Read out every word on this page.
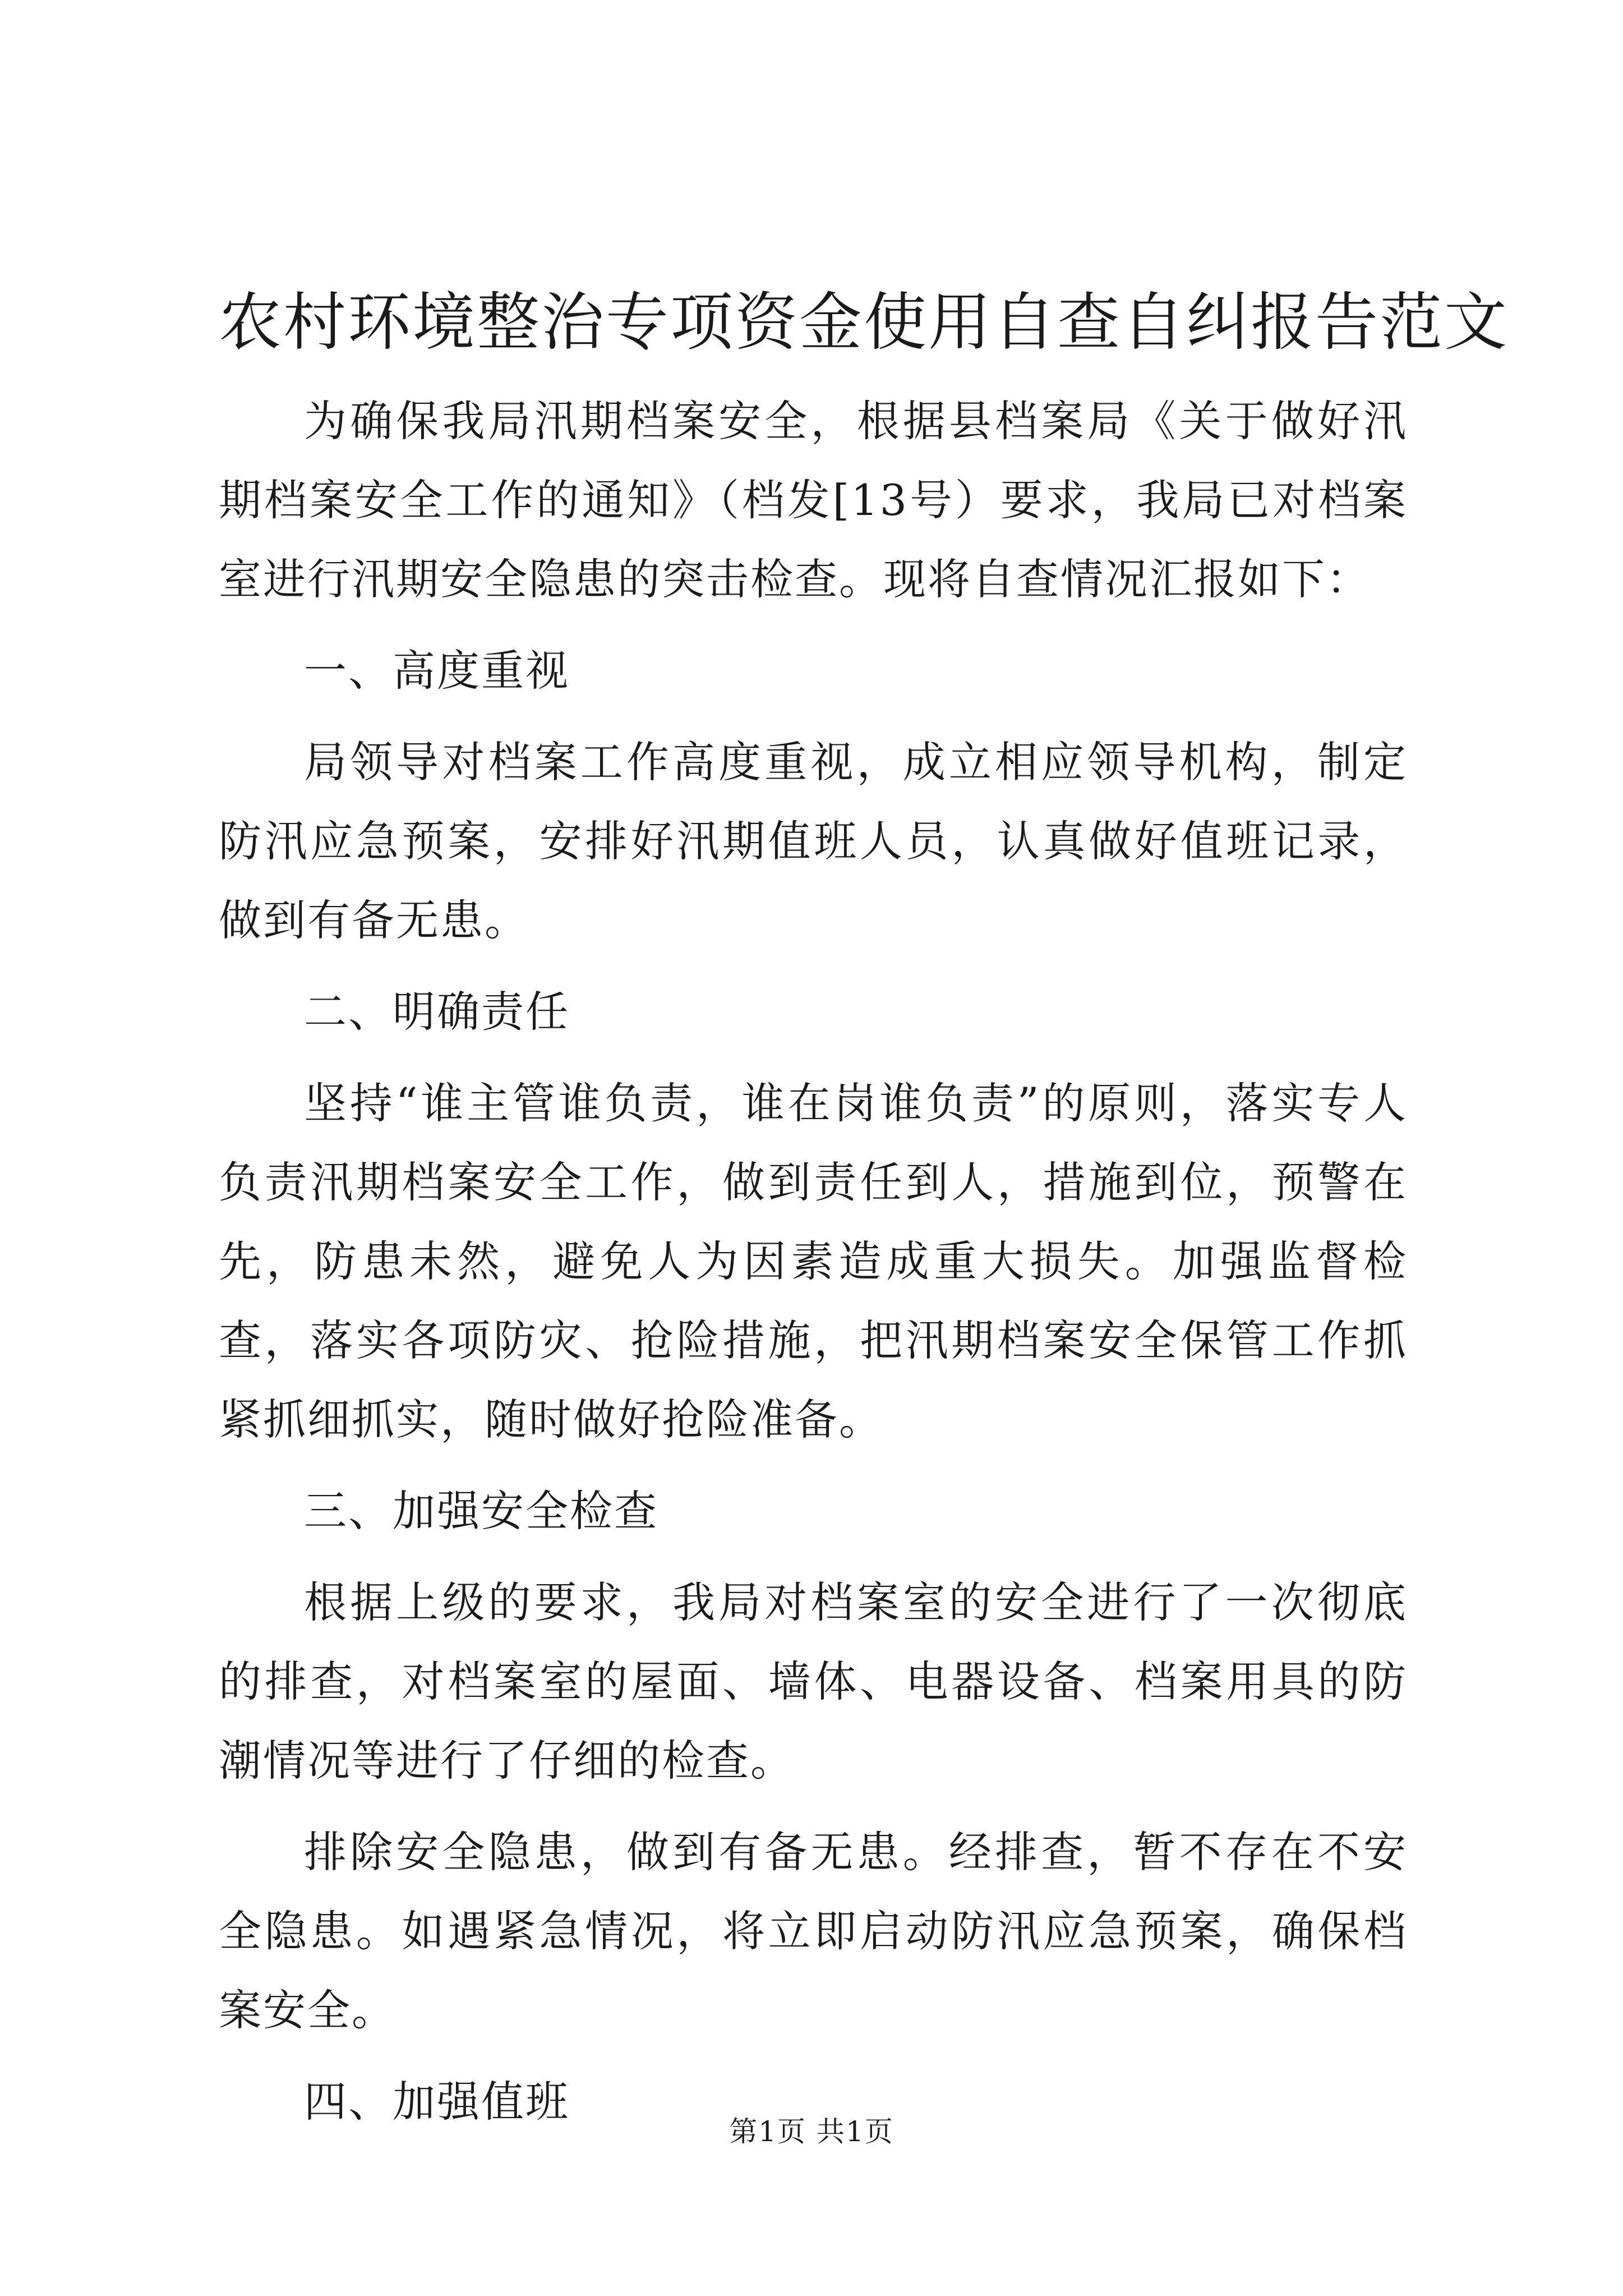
农村环境整治专项资金使用自查自纠报告范文

为确保我局汛期档案安全，根据县档案局《关于做好汛期档案安全工作的通知》（档发[13号）要求，我局已对档案室进行汛期安全隐患的突击检查。现将自查情况汇报如下：

一、高度重视

局领导对档案工作高度重视，成立相应领导机构，制定防汛应急预案，安排好汛期值班人员，认真做好值班记录，做到有备无患。

二、明确责任

坚持“谁主管谁负责，谁在岗谁负责”的原则，落实专人负责汛期档案安全工作，做到责任到人，措施到位，预警在先，防患未然，避免人为因素造成重大损失。加强监督检查，落实各项防灾、抢险措施，把汛期档案安全保管工作抓紧抓细抓实，随时做好抢险准备。

三、加强安全检查

根据上级的要求，我局对档案室的安全进行了一次彻底的排查，对档案室的屋面、墙体、电器设备、档案用具的防潮情况等进行了仔细的检查。

排除安全隐患，做到有备无患。经排查，暂不存在不安全隐患。如遇紧急情况，将立即启动防汛应急预案，确保档案安全。

四、加强值班

第1页 共1页
